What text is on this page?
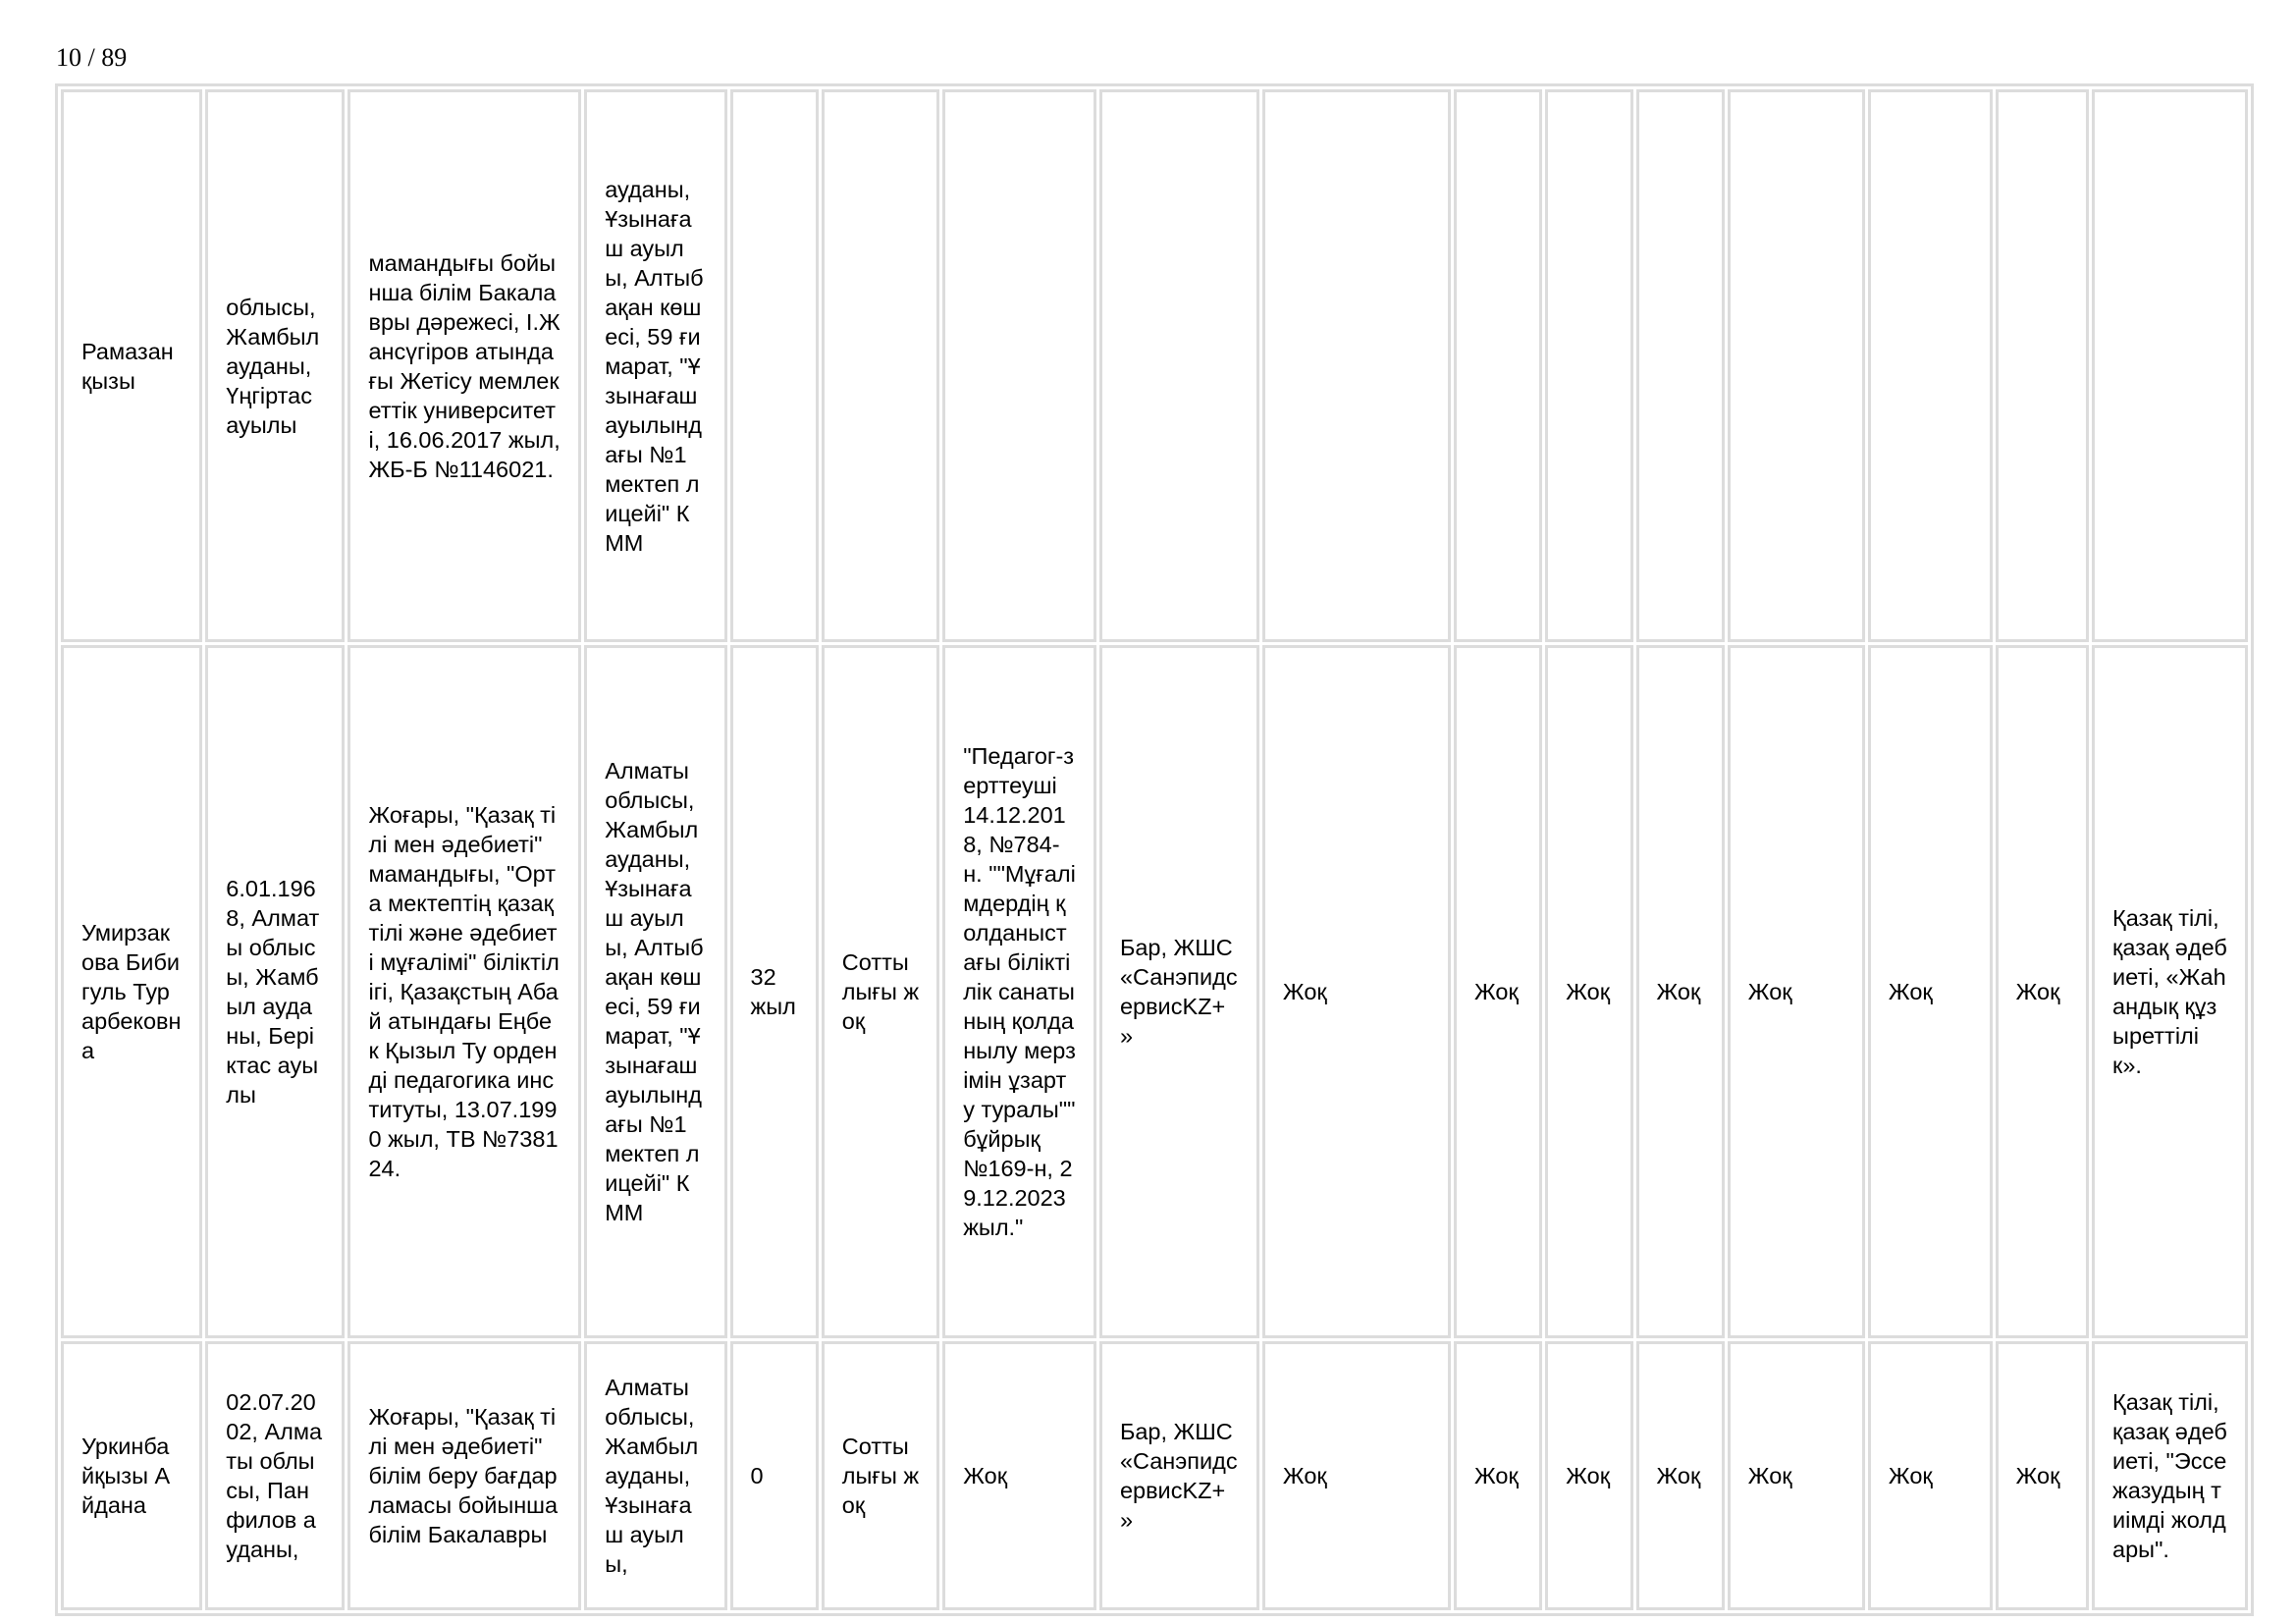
10 / 89
Рамазан қызы	облысы, Жамбыл ауданы, Үңгіртас ауылы	мамандығы бойынша білім Бакалавры дәрежесі, І.Жансүгіров атындағы Жетісу мемлекеттік университеті, 16.06.2017 жыл, ЖБ-Б №1146021.	ауданы, Ұзынағаш ауылы, Алтыбақан көшесі, 59 ғимарат, "Ұзынағаш ауылындағы №1 мектеп лицейі" КММ												

Умирзакова Бибигуль Турарбековна	6.01.1968, Алматы облысы, Жамбыл ауданы, Беріктас ауылы	Жоғары, "Қазақ тілі мен әдебиеті" мамандығы, "Орта мектептің қазақ тілі және әдебиеті мұғалімі" біліктілігі, Қазақстың Абай атындағы Еңбек Қызыл Ту орденді педагогика институты, 13.07.1990 жыл, ТВ №738124.	Алматы облысы, Жамбыл ауданы, Ұзынағаш ауылы, Алтыбақан көшесі, 59 ғимарат, "Ұзынағаш ауылындағы №1 мектеп лицейі" КММ	32 жыл	Сотты лығы жоқ	"Педагог-зерттеуші 14.12.2018, №784-н. ""Мұғалімдердің қолданыстағы біліктілік санатының қолданылу мерзімін ұзарту туралы"" бұйрық №169-н, 29.12.2023 жыл."	Бар, ЖШС «СанэпидсервисKZ+ »	Жоқ	Жоқ	Жоқ	Жоқ	Жоқ	Жоқ	Жоқ	Қазақ тілі, қазақ әдебиеті, «Жаһандық құзыреттілік».

Уркинбайқызы Айдана	02.07.2002, Алматы облысы, Панфилов ауданы,	Жоғары, "Қазақ тілі мен әдебиеті" білім беру бағдарламасы бойынша білім Бакалавры	Алматы облысы, Жамбыл ауданы, Ұзынағаш ауылы,	0	Сотты лығы жоқ	Жоқ	Бар, ЖШС «СанэпидсервисKZ+ »	Жоқ	Жоқ	Жоқ	Жоқ	Жоқ	Жоқ	Жоқ	Қазақ тілі, қазақ әдебиеті, "Эссе жазудың тиімді жолдары".
